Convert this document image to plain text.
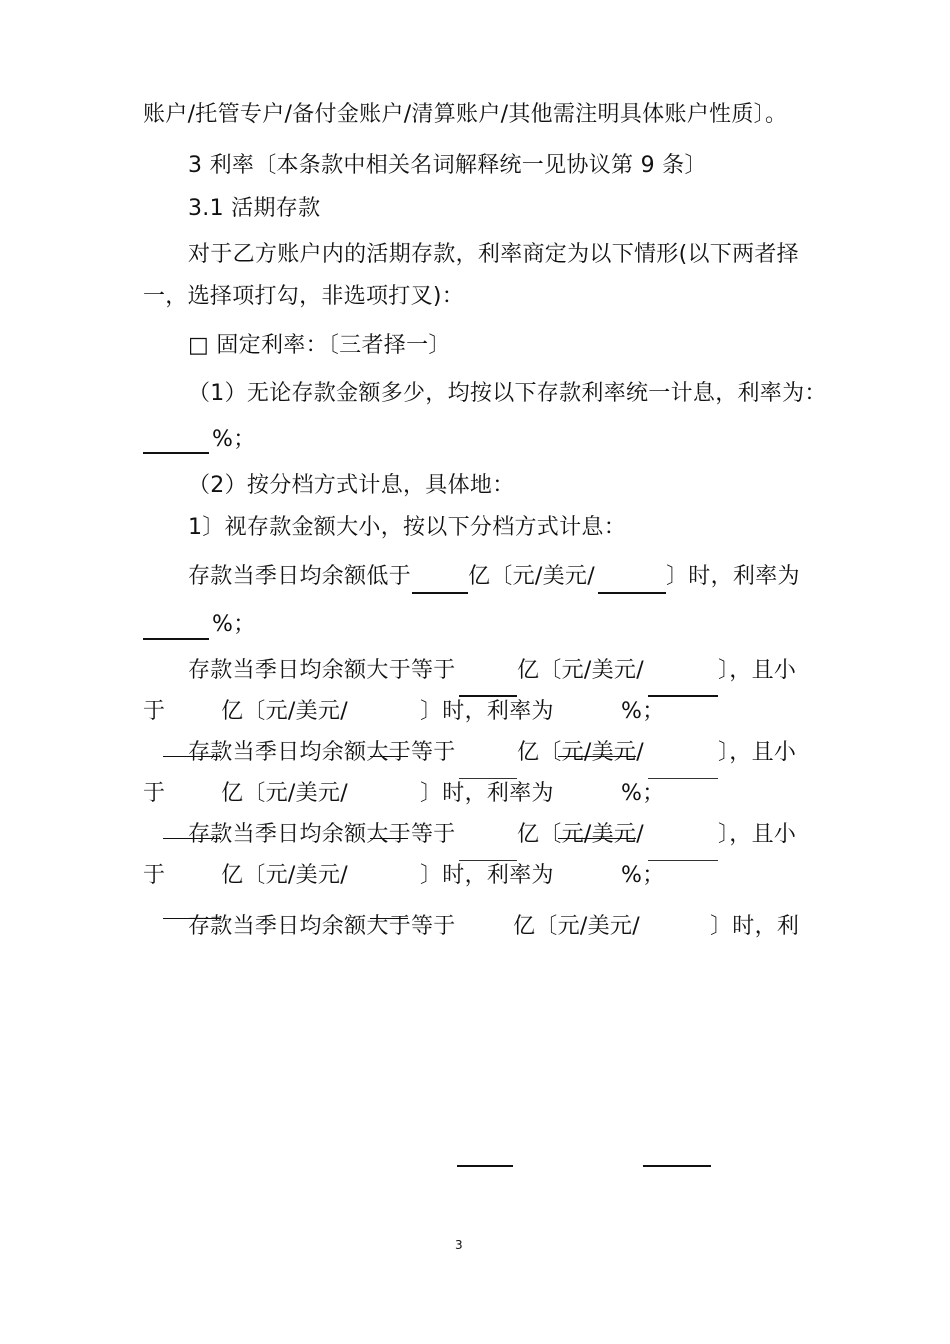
账户/托管专户/备付金账户/清算账户/其他需注明具体账户性质〕。
3 利率〔本条款中相关名词解释统一见协议第 9 条〕
3.1 活期存款
对于乙方账户内的活期存款，利率商定为以下情形(以下两者择
一，选择项打勾，非选项打叉)：
□ 固定利率：〔三者择一〕
（1）无论存款金额多少，均按以下存款利率统一计息，利率为：
%；
（2）按分档方式计息，具体地：
1〕视存款金额大小，按以下分档方式计息：
存款当季日均余额低于	亿〔元/美元/	〕时，利率为
%；
存款当季日均余额大于等于	亿〔元/美元/	〕，且小
于	亿〔元/美元/	〕时，利率为	%；
存款当季日均余额大于等于	亿〔元/美元/	〕，且小
于	亿〔元/美元/	〕时，利率为	%；
存款当季日均余额大于等于	亿〔元/美元/	〕，且小
于	亿〔元/美元/	〕时，利率为	%；
存款当季日均余额大于等于	亿〔元/美元/	〕时，利
3
